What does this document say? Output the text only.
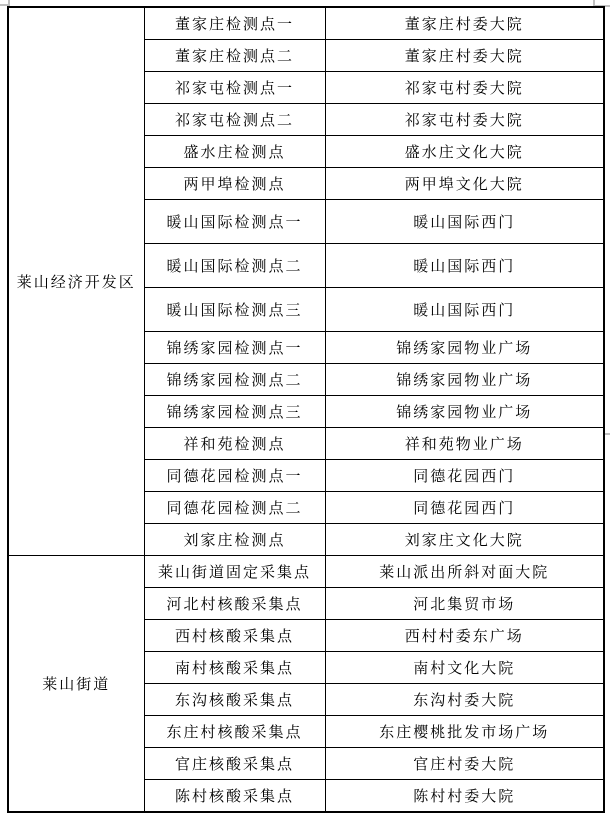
莱山经济开发区	董家庄检测点一	董家庄村委大院
	董家庄检测点二	董家庄村委大院
	祁家屯检测点一	祁家屯村委大院
	祁家屯检测点二	祁家屯村委大院
	盛水庄检测点	盛水庄文化大院
	两甲埠检测点	两甲埠文化大院
	暖山国际检测点一	暖山国际西门
	暖山国际检测点二	暖山国际西门
	暖山国际检测点三	暖山国际西门
	锦绣家园检测点一	锦绣家园物业广场
	锦绣家园检测点二	锦绣家园物业广场
	锦绣家园检测点三	锦绣家园物业广场
	祥和苑检测点	祥和苑物业广场
	同德花园检测点一	同德花园西门
	同德花园检测点二	同德花园西门
	刘家庄检测点	刘家庄文化大院
莱山街道	莱山街道固定采集点	莱山派出所斜对面大院
	河北村核酸采集点	河北集贸市场
	西村核酸采集点	西村村委东广场
	南村核酸采集点	南村文化大院
	东沟核酸采集点	东沟村委大院
	东庄村核酸采集点	东庄樱桃批发市场广场
	官庄核酸采集点	官庄村委大院
	陈村核酸采集点	陈村村委大院
